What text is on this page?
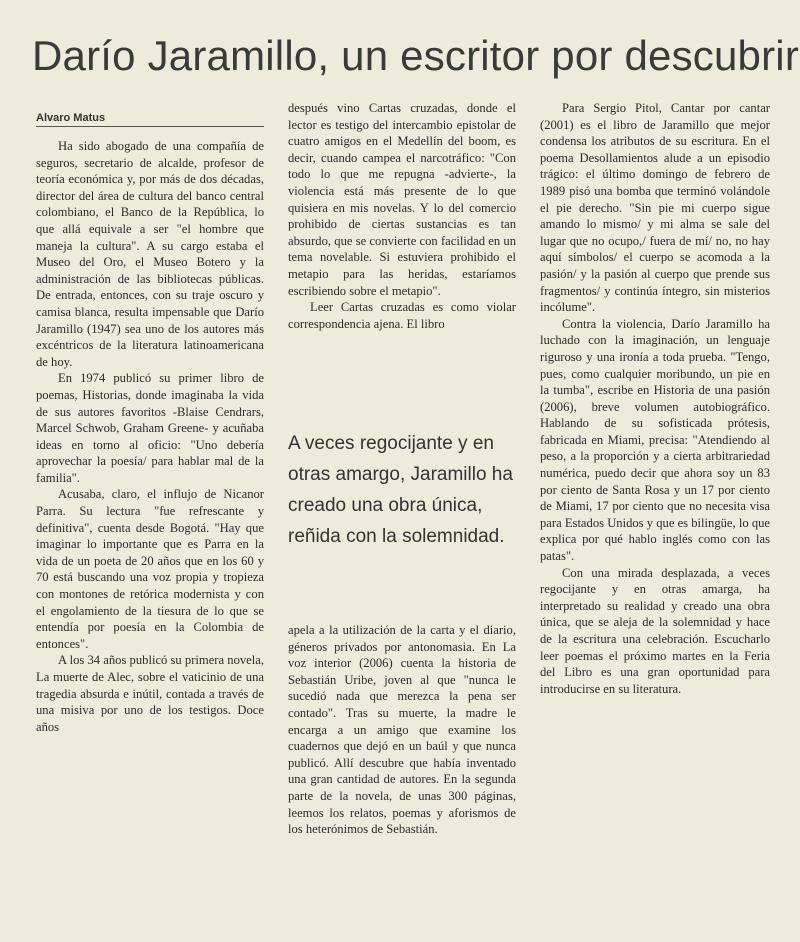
Darío Jaramillo, un escritor por descubrir
Alvaro Matus

Ha sido abogado de una compañía de seguros, secretario de alcalde, profesor de teoría económica y, por más de dos décadas, director del área de cultura del banco central colombiano, el Banco de la República, lo que allá equivale a ser "el hombre que maneja la cultura". A su cargo estaba el Museo del Oro, el Museo Botero y la administración de las bibliotecas públicas. De entrada, entonces, con su traje oscuro y camisa blanca, resulta impensable que Darío Jaramillo (1947) sea uno de los autores más excéntricos de la literatura latinoamericana de hoy.

En 1974 publicó su primer libro de poemas, Historias, donde imaginaba la vida de sus autores favoritos -Blaise Cendrars, Marcel Schwob, Graham Greene- y acuñaba ideas en torno al oficio: "Uno debería aprovechar la poesía/ para hablar mal de la familia".

Acusaba, claro, el influjo de Nicanor Parra. Su lectura "fue refrescante y definitiva", cuenta desde Bogotá. "Hay que imaginar lo importante que es Parra en la vida de un poeta de 20 años que en los 60 y 70 está buscando una voz propia y tropieza con montones de retórica modernista y con el engolamiento de la tiesura de lo que se entendía por poesía en la Colombia de entonces".

A los 34 años publicó su primera novela, La muerte de Alec, sobre el vaticinio de una tragedia absurda e inútil, contada a través de una misiva por uno de los testigos. Doce años

después vino Cartas cruzadas, donde el lector es testigo del intercambio epistolar de cuatro amigos en el Medellín del boom, es decir, cuando campea el narcotráfico: "Con todo lo que me repugna -advierte-, la violencia está más presente de lo que quisiera en mis novelas. Y lo del comercio prohibido de ciertas sustancias es tan absurdo, que se convierte con facilidad en un tema novelable. Si estuviera prohibido el metapio para las heridas, estaríamos escribiendo sobre el metapio".

Leer Cartas cruzadas es como violar correspondencia ajena. El libro

A veces regocijante y en otras amargo, Jaramillo ha creado una obra única, reñida con la solemnidad.

apela a la utilización de la carta y el diario, géneros privados por antonomasia. En La voz interior (2006) cuenta la historia de Sebastián Uribe, joven al que "nunca le sucedió nada que merezca la pena ser contado". Tras su muerte, la madre le encarga a un amigo que examine los cuadernos que dejó en un baúl y que nunca publicó. Allí descubre que había inventado una gran cantidad de autores. En la segunda parte de la novela, de unas 300 páginas, leemos los relatos, poemas y aforismos de los heterónimos de Sebastián.

Para Sergio Pitol, Cantar por cantar (2001) es el libro de Jaramillo que mejor condensa los atributos de su escritura. En el poema Desollamientos alude a un episodio trágico: el último domingo de febrero de 1989 pisó una bomba que terminó volándole el pie derecho. "Sin pie mi cuerpo sigue amando lo mismo/ y mi alma se sale del lugar que no ocupo,/ fuera de mí/ no, no hay aquí símbolos/ el cuerpo se acomoda a la pasión/ y la pasión al cuerpo que prende sus fragmentos/ y continúa íntegro, sin misterios incólume".

Contra la violencia, Darío Jaramillo ha luchado con la imaginación, un lenguaje riguroso y una ironía a toda prueba. "Tengo, pues, como cualquier moribundo, un pie en la tumba", escribe en Historia de una pasión (2006), breve volumen autobiográfico. Hablando de su sofisticada prótesis, fabricada en Miami, precisa: "Atendiendo al peso, a la proporción y a cierta arbitrariedad numérica, puedo decir que ahora soy un 83 por ciento de Santa Rosa y un 17 por ciento de Miami, 17 por ciento que no necesita visa para Estados Unidos y que es bilingüe, lo que explica por qué hablo inglés como con las patas".

Con una mirada desplazada, a veces regocijante y en otras amarga, ha interpretado su realidad y creado una obra única, que se aleja de la solemnidad y hace de la escritura una celebración. Escucharlo leer poemas el próximo martes en la Feria del Libro es una gran oportunidad para introducirse en su literatura.
